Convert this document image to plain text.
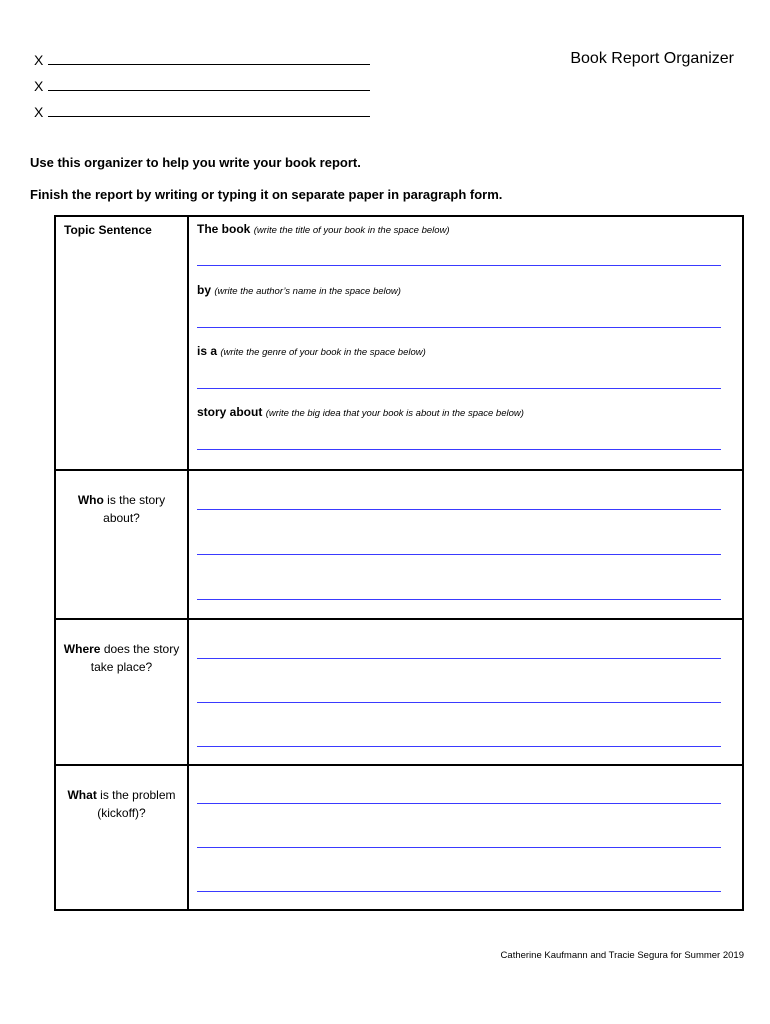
X
X
X
Book Report Organizer
Use this organizer to help you write your book report.
Finish the report by writing or typing it on separate paper in paragraph form.
Topic Sentence	The book (write the title of your book in the space below)
by (write the author’s name in the space below)
is a (write the genre of your book in the space below)
story about (write the big idea that your book is about in the space below)
Who is the story about?
Where does the story take place?
What is the problem (kickoff)?
Catherine Kaufmann and Tracie Segura for Summer 2019
